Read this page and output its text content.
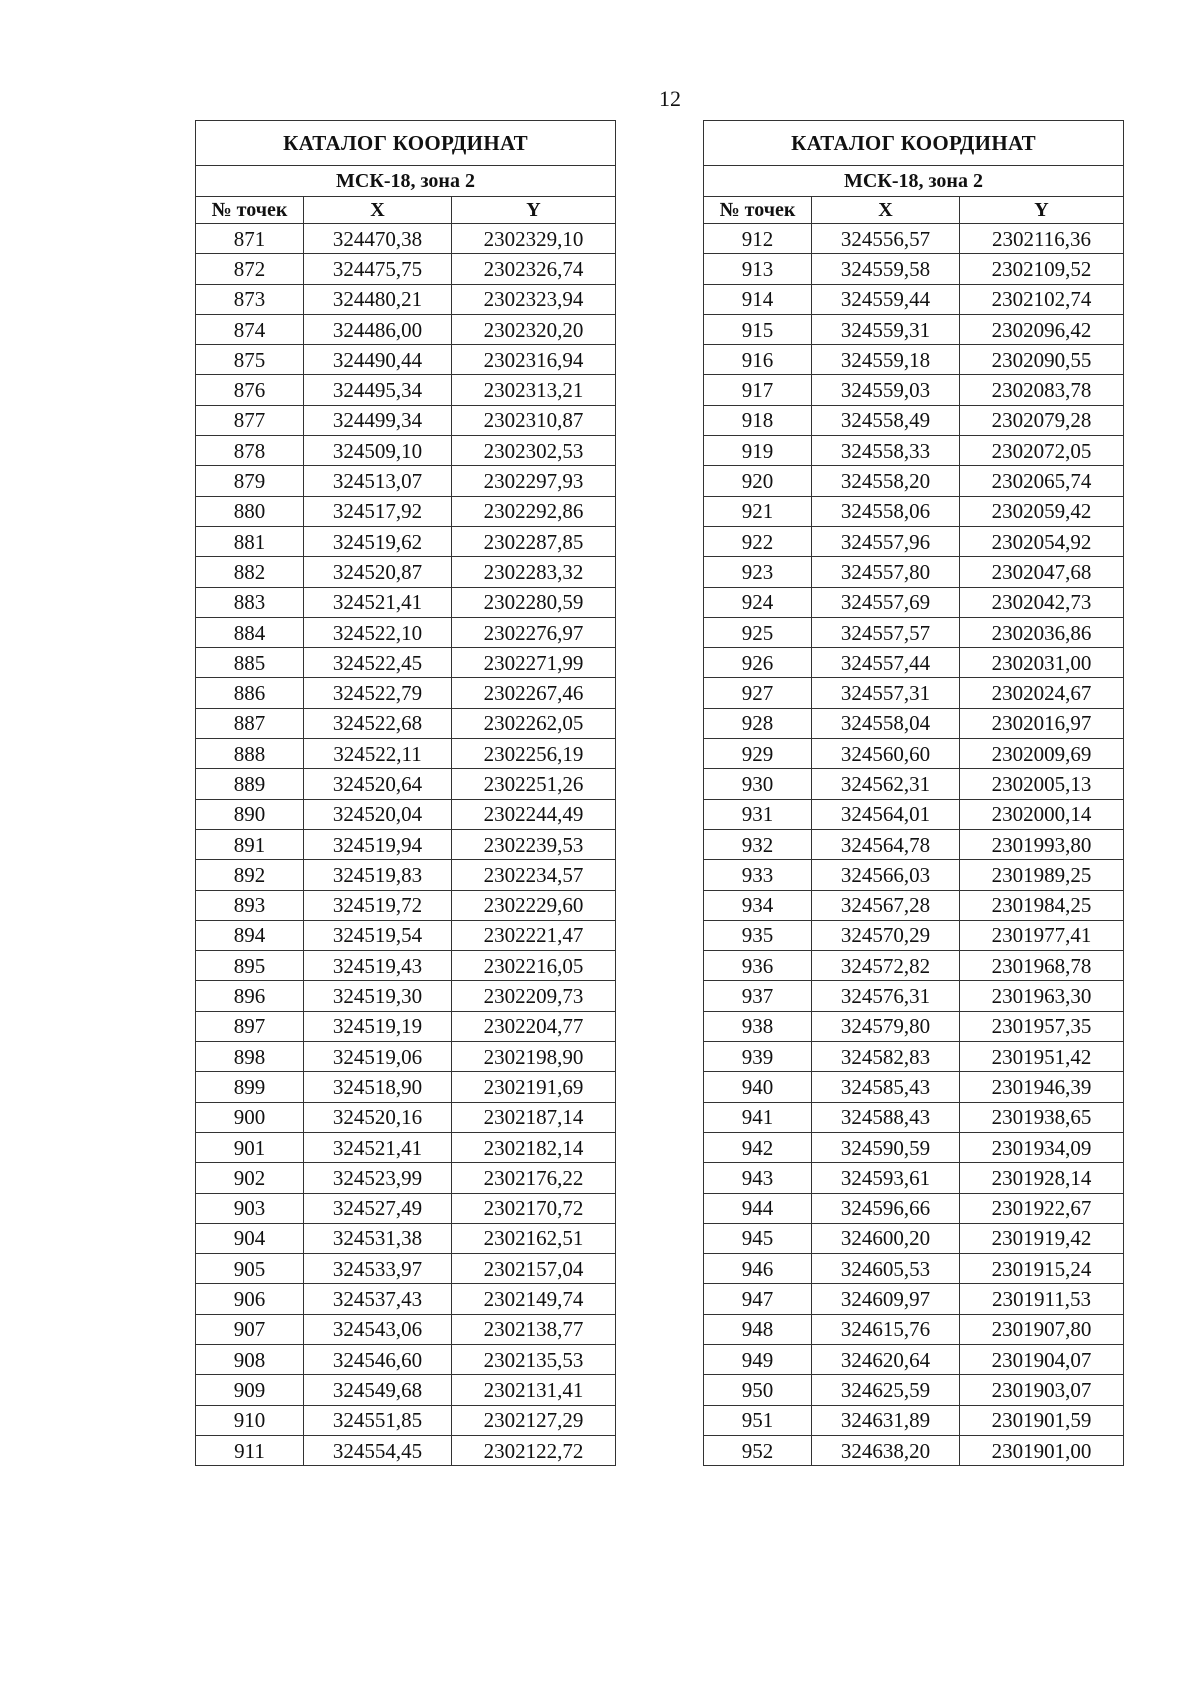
12
КАТАЛОГ КООРДИНАТ		
МСК-18, зона 2		
№ точек	X	Y
871	324470,38	2302329,10
872	324475,75	2302326,74
873	324480,21	2302323,94
874	324486,00	2302320,20
875	324490,44	2302316,94
876	324495,34	2302313,21
877	324499,34	2302310,87
878	324509,10	2302302,53
879	324513,07	2302297,93
880	324517,92	2302292,86
881	324519,62	2302287,85
882	324520,87	2302283,32
883	324521,41	2302280,59
884	324522,10	2302276,97
885	324522,45	2302271,99
886	324522,79	2302267,46
887	324522,68	2302262,05
888	324522,11	2302256,19
889	324520,64	2302251,26
890	324520,04	2302244,49
891	324519,94	2302239,53
892	324519,83	2302234,57
893	324519,72	2302229,60
894	324519,54	2302221,47
895	324519,43	2302216,05
896	324519,30	2302209,73
897	324519,19	2302204,77
898	324519,06	2302198,90
899	324518,90	2302191,69
900	324520,16	2302187,14
901	324521,41	2302182,14
902	324523,99	2302176,22
903	324527,49	2302170,72
904	324531,38	2302162,51
905	324533,97	2302157,04
906	324537,43	2302149,74
907	324543,06	2302138,77
908	324546,60	2302135,53
909	324549,68	2302131,41
910	324551,85	2302127,29
911	324554,45	2302122,72
КАТАЛОГ КООРДИНАТ		
МСК-18, зона 2		
№ точек	X	Y
912	324556,57	2302116,36
913	324559,58	2302109,52
914	324559,44	2302102,74
915	324559,31	2302096,42
916	324559,18	2302090,55
917	324559,03	2302083,78
918	324558,49	2302079,28
919	324558,33	2302072,05
920	324558,20	2302065,74
921	324558,06	2302059,42
922	324557,96	2302054,92
923	324557,80	2302047,68
924	324557,69	2302042,73
925	324557,57	2302036,86
926	324557,44	2302031,00
927	324557,31	2302024,67
928	324558,04	2302016,97
929	324560,60	2302009,69
930	324562,31	2302005,13
931	324564,01	2302000,14
932	324564,78	2301993,80
933	324566,03	2301989,25
934	324567,28	2301984,25
935	324570,29	2301977,41
936	324572,82	2301968,78
937	324576,31	2301963,30
938	324579,80	2301957,35
939	324582,83	2301951,42
940	324585,43	2301946,39
941	324588,43	2301938,65
942	324590,59	2301934,09
943	324593,61	2301928,14
944	324596,66	2301922,67
945	324600,20	2301919,42
946	324605,53	2301915,24
947	324609,97	2301911,53
948	324615,76	2301907,80
949	324620,64	2301904,07
950	324625,59	2301903,07
951	324631,89	2301901,59
952	324638,20	2301901,00
